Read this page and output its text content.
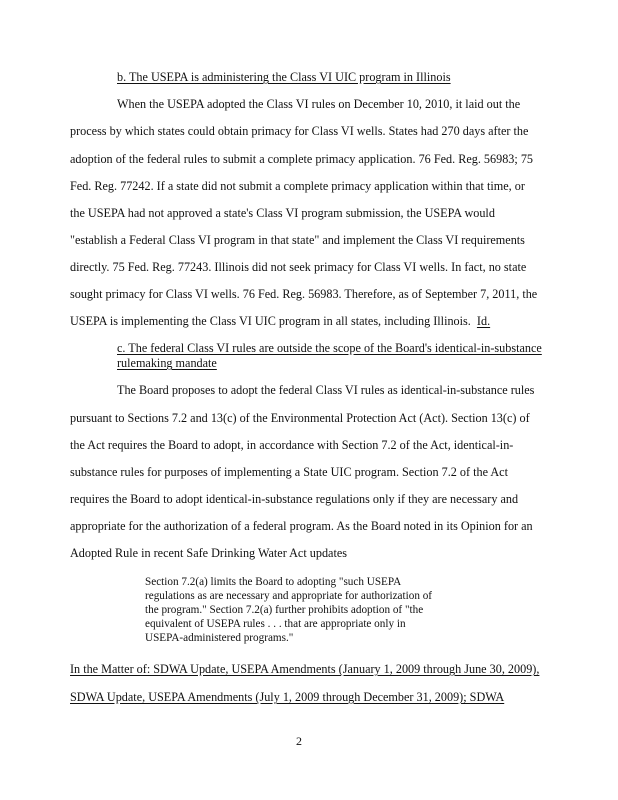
b. The USEPA is administering the Class VI UIC program in Illinois
When the USEPA adopted the Class VI rules on December 10, 2010, it laid out the
process by which states could obtain primacy for Class VI wells. States had 270 days after the
adoption of the federal rules to submit a complete primacy application. 76 Fed. Reg. 56983; 75
Fed. Reg. 77242. If a state did not submit a complete primacy application within that time, or
the USEPA had not approved a state's Class VI program submission, the USEPA would
"establish a Federal Class VI program in that state" and implement the Class VI requirements
directly. 75 Fed. Reg. 77243. Illinois did not seek primacy for Class VI wells. In fact, no state
sought primacy for Class VI wells. 76 Fed. Reg. 56983. Therefore, as of September 7, 2011, the
USEPA is implementing the Class VI UIC program in all states, including Illinois. Id.
c. The federal Class VI rules are outside the scope of the Board's identical-in-substance
rulemaking mandate
The Board proposes to adopt the federal Class VI rules as identical-in-substance rules
pursuant to Sections 7.2 and 13(c) of the Environmental Protection Act (Act). Section 13(c) of
the Act requires the Board to adopt, in accordance with Section 7.2 of the Act, identical-in-
substance rules for purposes of implementing a State UIC program. Section 7.2 of the Act
requires the Board to adopt identical-in-substance regulations only if they are necessary and
appropriate for the authorization of a federal program. As the Board noted in its Opinion for an
Adopted Rule in recent Safe Drinking Water Act updates
Section 7.2(a) limits the Board to adopting "such USEPA
regulations as are necessary and appropriate for authorization of
the program." Section 7.2(a) further prohibits adoption of "the
equivalent of USEPA rules . . . that are appropriate only in
USEPA-administered programs."
In the Matter of: SDWA Update, USEPA Amendments (January 1, 2009 through June 30, 2009),
SDWA Update, USEPA Amendments (July 1, 2009 through December 31, 2009); SDWA
2
